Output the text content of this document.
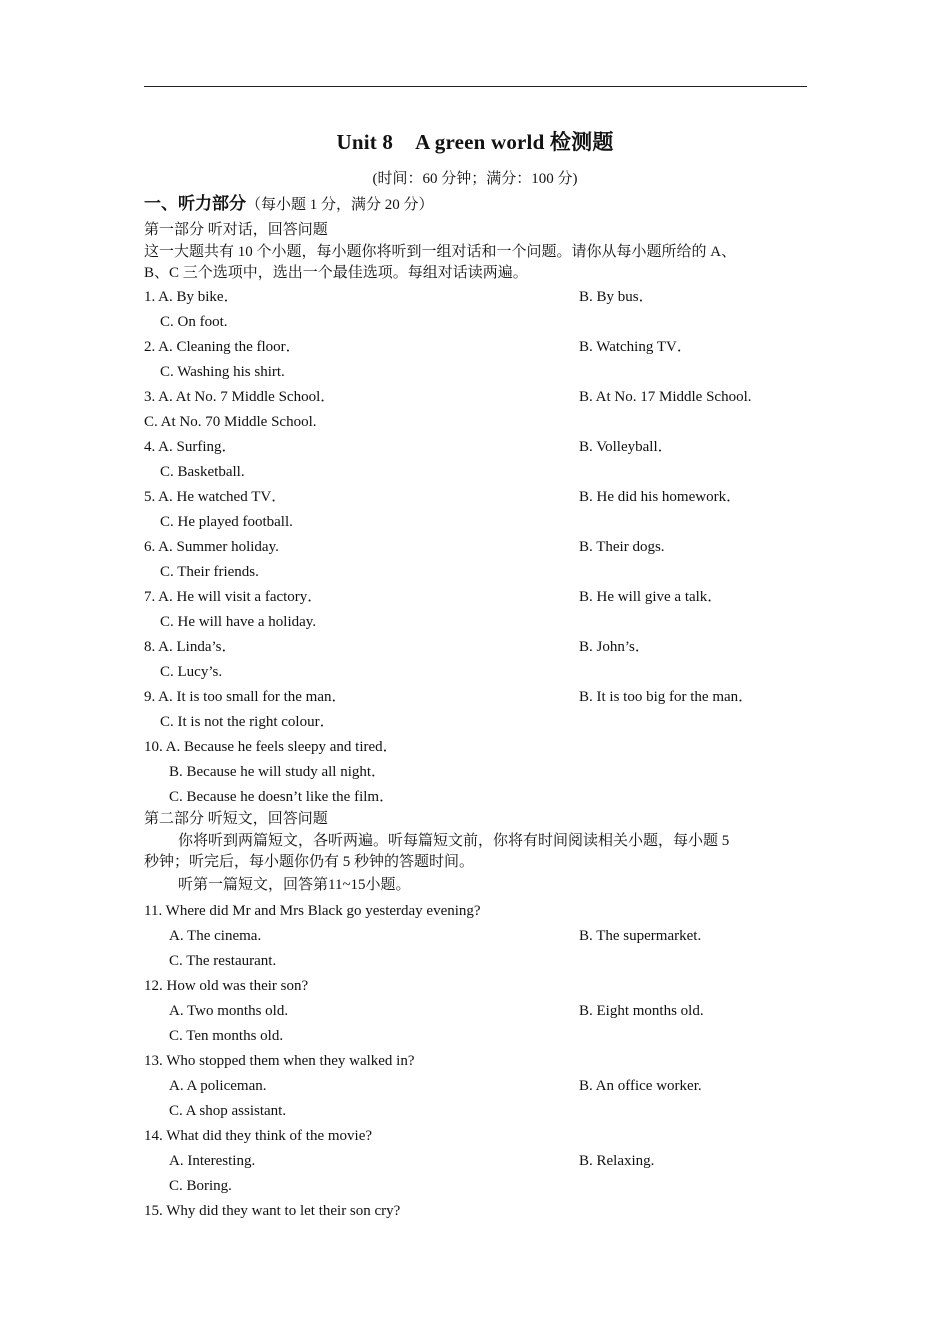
Unit 8 A green world 检测题
(时间：60 分钟；满分：100 分)
一、听力部分（每小题 1 分，满分 20 分）
第一部分 听对话，回答问题
这一大题共有 10 个小题，每小题你将听到一组对话和一个问题。请你从每小题所给的 A、
B、C 三个选项中，选出一个最佳选项。每组对话读两遍。
1. A. By bike．	B. By bus．
C. On foot.
2. A. Cleaning the floor．	B. Watching TV．
C. Washing his shirt.
3. A. At No. 7 Middle School．	B. At No. 17 Middle School.
C. At No. 70 Middle School.
4. A. Surfing．	B. Volleyball．
C. Basketball.
5. A. He watched TV．	B. He did his homework．
C. He played football.
6. A. Summer holiday.	B. Their dogs.
C. Their friends.
7. A. He will visit a factory．	B. He will give a talk．
C. He will have a holiday.
8. A. Linda’s．	B. John’s．
C. Lucy’s.
9. A. It is too small for the man．	B. It is too big for the man．
C. It is not the right colour．
10. A. Because he feels sleepy and tired．
B. Because he will study all night．
C. Because he doesn’t like the film．
第二部分 听短文，回答问题
你将听到两篇短文，各听两遍。听每篇短文前，你将有时间阅读相关小题，每小题 5
秒钟；听完后，每小题你仍有 5 秒钟的答题时间。
听第一篇短文，回答第11~15小题。
11. Where did Mr and Mrs Black go yesterday evening?
A. The cinema.	B. The supermarket.
C. The restaurant.
12. How old was their son?
A. Two months old.	B. Eight months old.
C. Ten months old.
13. Who stopped them when they walked in?
A. A policeman.	B. An office worker.
C. A shop assistant.
14. What did they think of the movie?
A. Interesting.	B. Relaxing.
C. Boring.
15. Why did they want to let their son cry?
